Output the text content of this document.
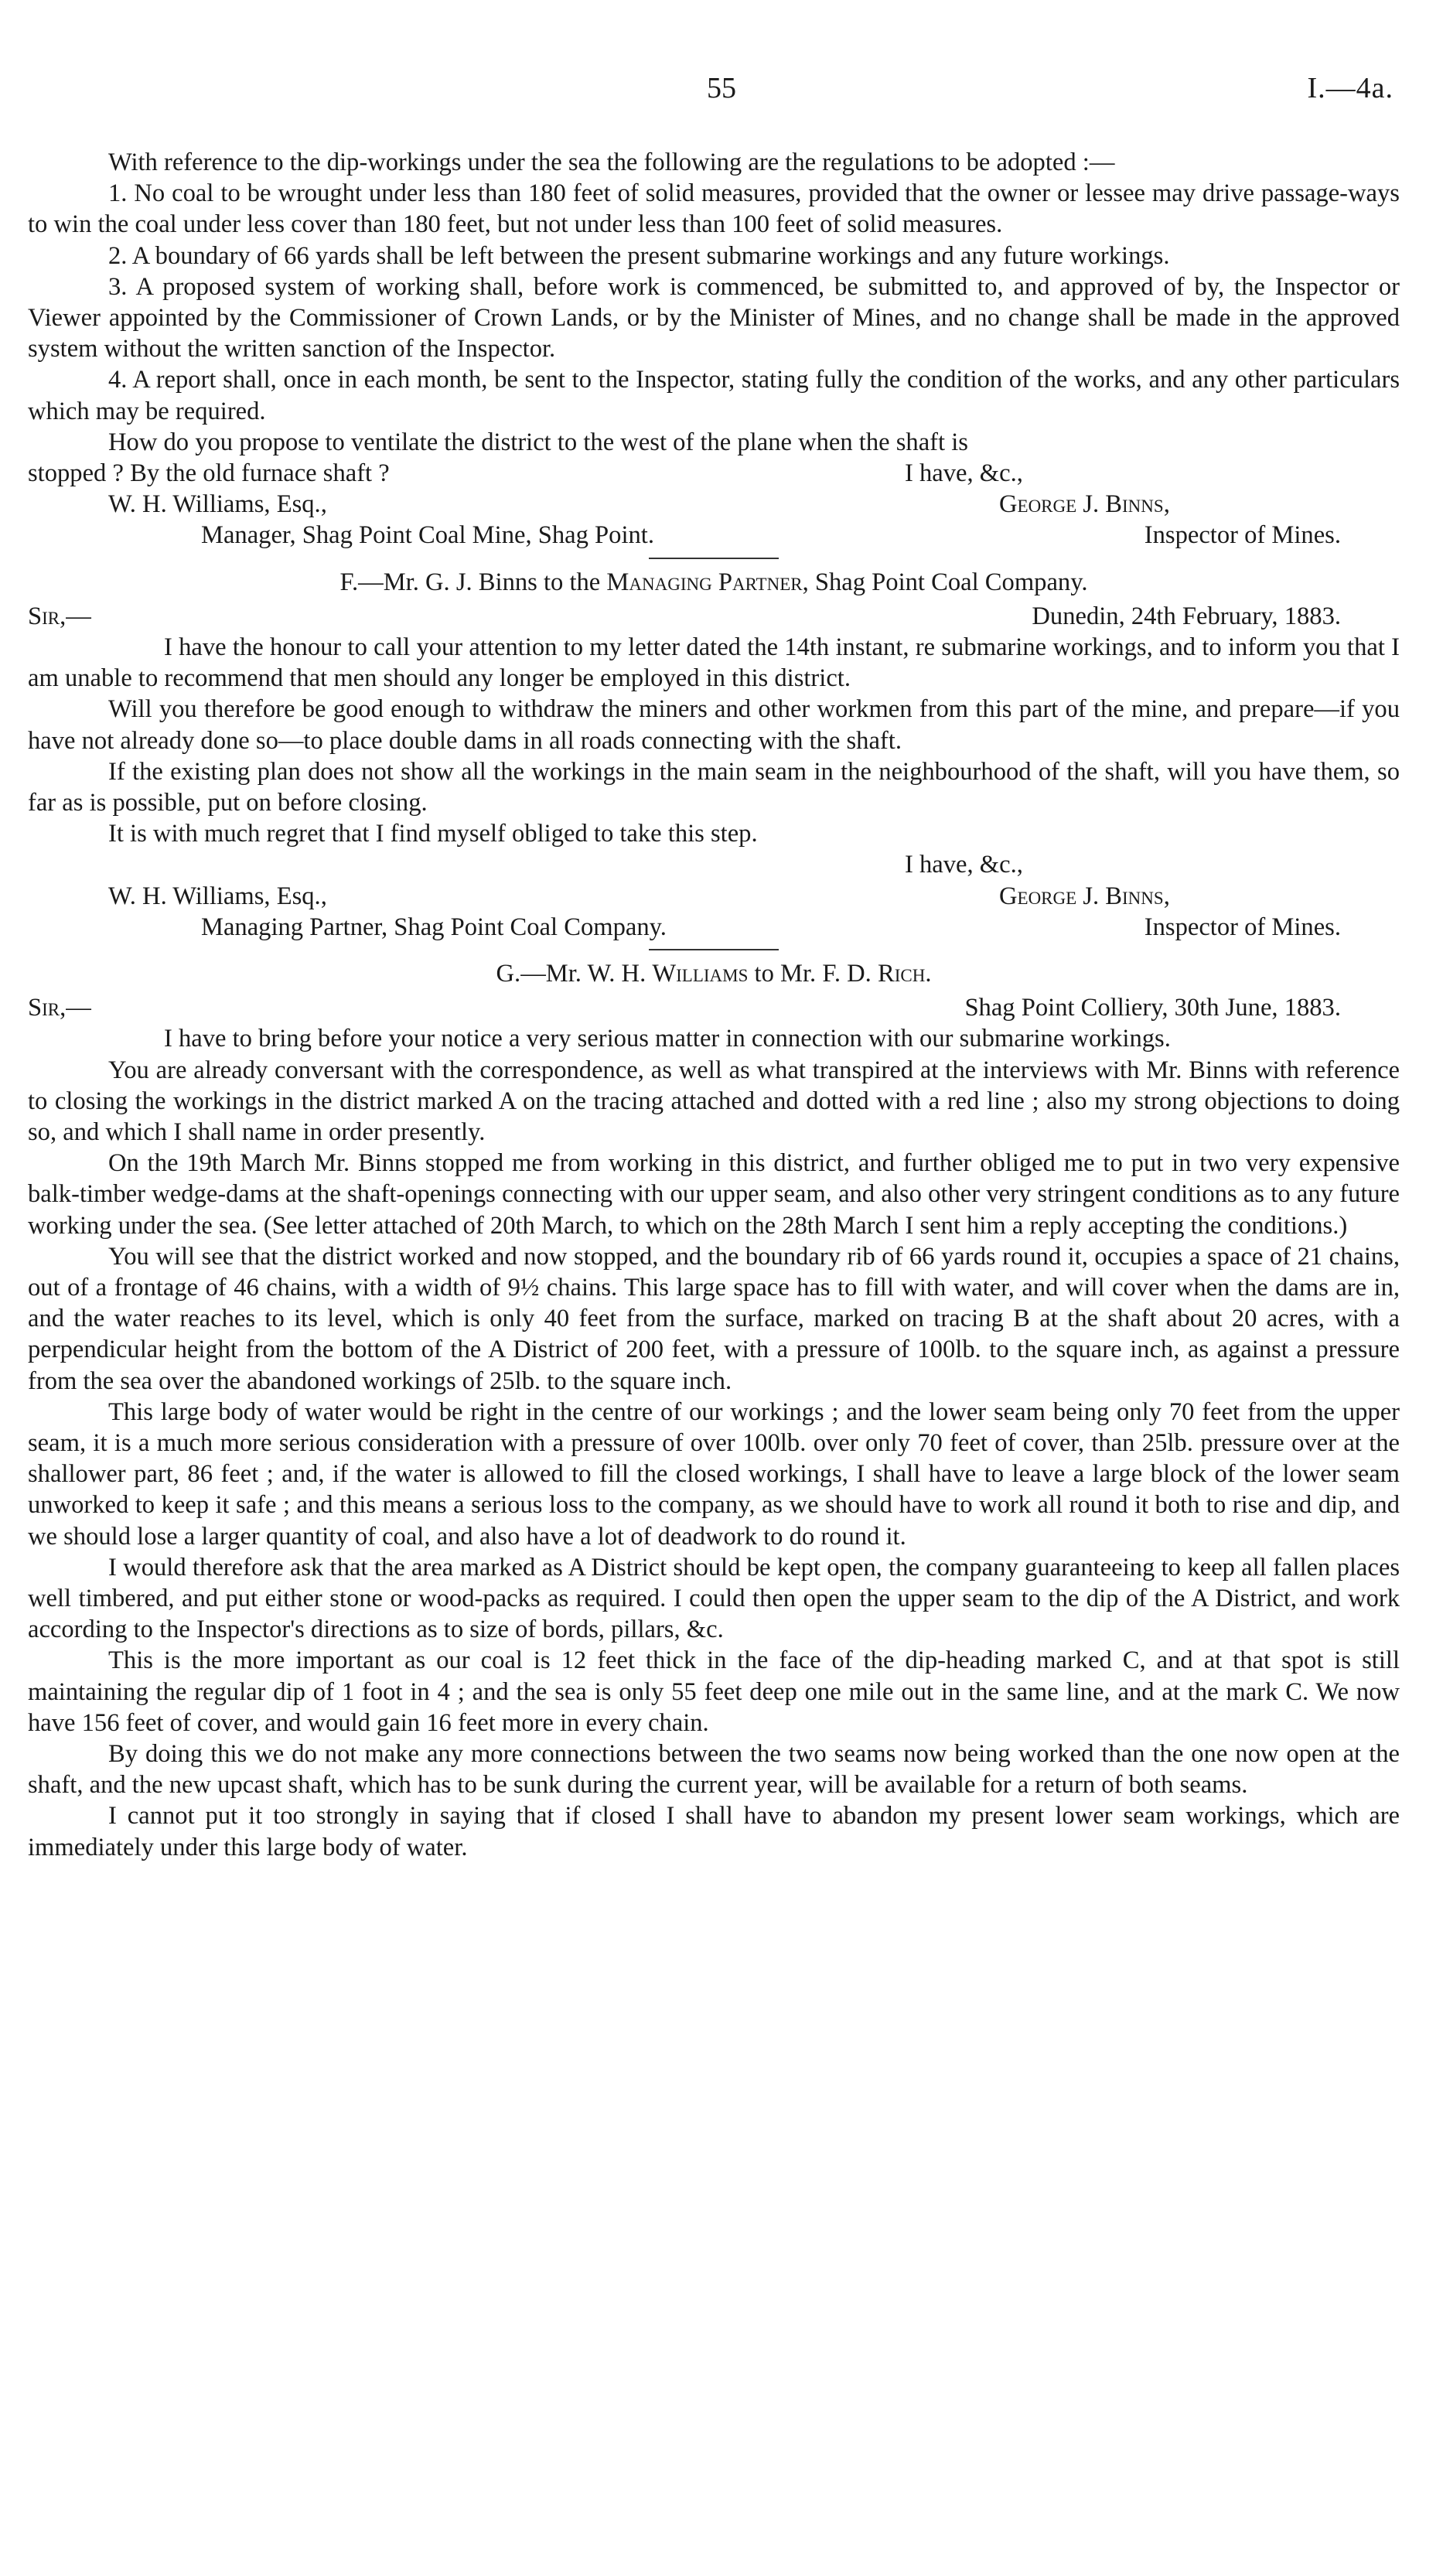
55	I.—4a.

With reference to the dip-workings under the sea the following are the regulations to be adopted :—

1. No coal to be wrought under less than 180 feet of solid measures, provided that the owner or lessee may drive passage-ways to win the coal under less cover than 180 feet, but not under less than 100 feet of solid measures.

2. A boundary of 66 yards shall be left between the present submarine workings and any future workings.

3. A proposed system of working shall, before work is commenced, be submitted to, and approved of by, the Inspector or Viewer appointed by the Commissioner of Crown Lands, or by the Minister of Mines, and no change shall be made in the approved system without the written sanction of the Inspector.

4. A report shall, once in each month, be sent to the Inspector, stating fully the condition of the works, and any other particulars which may be required.

How do you propose to ventilate the district to the west of the plane when the shaft is

stopped ? By the old furnace shaft ?	I have, &c.,
W. H. Williams, Esq.,	George J. Binns,
Manager, Shag Point Coal Mine, Shag Point.	Inspector of Mines.
F.—Mr. G. J. Binns to the Managing Partner, Shag Point Coal Company.
Sir,—	Dunedin, 24th February, 1883.

I have the honour to call your attention to my letter dated the 14th instant, re submarine workings, and to inform you that I am unable to recommend that men should any longer be employed in this district.

Will you therefore be good enough to withdraw the miners and other workmen from this part of the mine, and prepare—if you have not already done so—to place double dams in all roads connecting with the shaft.

If the existing plan does not show all the workings in the main seam in the neighbourhood of the shaft, will you have them, so far as is possible, put on before closing.

It is with much regret that I find myself obliged to take this step.

I have, &c.,
W. H. Williams, Esq.,	George J. Binns,
Managing Partner, Shag Point Coal Company.	Inspector of Mines.
G.—Mr. W. H. Williams to Mr. F. D. Rich.
Sir,—	Shag Point Colliery, 30th June, 1883.

I have to bring before your notice a very serious matter in connection with our submarine workings.

You are already conversant with the correspondence, as well as what transpired at the interviews with Mr. Binns with reference to closing the workings in the district marked A on the tracing attached and dotted with a red line ; also my strong objections to doing so, and which I shall name in order presently.

On the 19th March Mr. Binns stopped me from working in this district, and further obliged me to put in two very expensive balk-timber wedge-dams at the shaft-openings connecting with our upper seam, and also other very stringent conditions as to any future working under the sea. (See letter attached of 20th March, to which on the 28th March I sent him a reply accepting the conditions.)

You will see that the district worked and now stopped, and the boundary rib of 66 yards round it, occupies a space of 21 chains, out of a frontage of 46 chains, with a width of 9½ chains. This large space has to fill with water, and will cover when the dams are in, and the water reaches to its level, which is only 40 feet from the surface, marked on tracing B at the shaft about 20 acres, with a perpendicular height from the bottom of the A District of 200 feet, with a pressure of 100lb. to the square inch, as against a pressure from the sea over the abandoned workings of 25lb. to the square inch.

This large body of water would be right in the centre of our workings ; and the lower seam being only 70 feet from the upper seam, it is a much more serious consideration with a pressure of over 100lb. over only 70 feet of cover, than 25lb. pressure over at the shallower part, 86 feet ; and, if the water is allowed to fill the closed workings, I shall have to leave a large block of the lower seam unworked to keep it safe ; and this means a serious loss to the company, as we should have to work all round it both to rise and dip, and we should lose a larger quantity of coal, and also have a lot of deadwork to do round it.

I would therefore ask that the area marked as A District should be kept open, the company guaranteeing to keep all fallen places well timbered, and put either stone or wood-packs as required. I could then open the upper seam to the dip of the A District, and work according to the Inspector's directions as to size of bords, pillars, &c.

This is the more important as our coal is 12 feet thick in the face of the dip-heading marked C, and at that spot is still maintaining the regular dip of 1 foot in 4 ; and the sea is only 55 feet deep one mile out in the same line, and at the mark C. We now have 156 feet of cover, and would gain 16 feet more in every chain.

By doing this we do not make any more connections between the two seams now being worked than the one now open at the shaft, and the new upcast shaft, which has to be sunk during the current year, will be available for a return of both seams.

I cannot put it too strongly in saying that if closed I shall have to abandon my present lower seam workings, which are immediately under this large body of water.
